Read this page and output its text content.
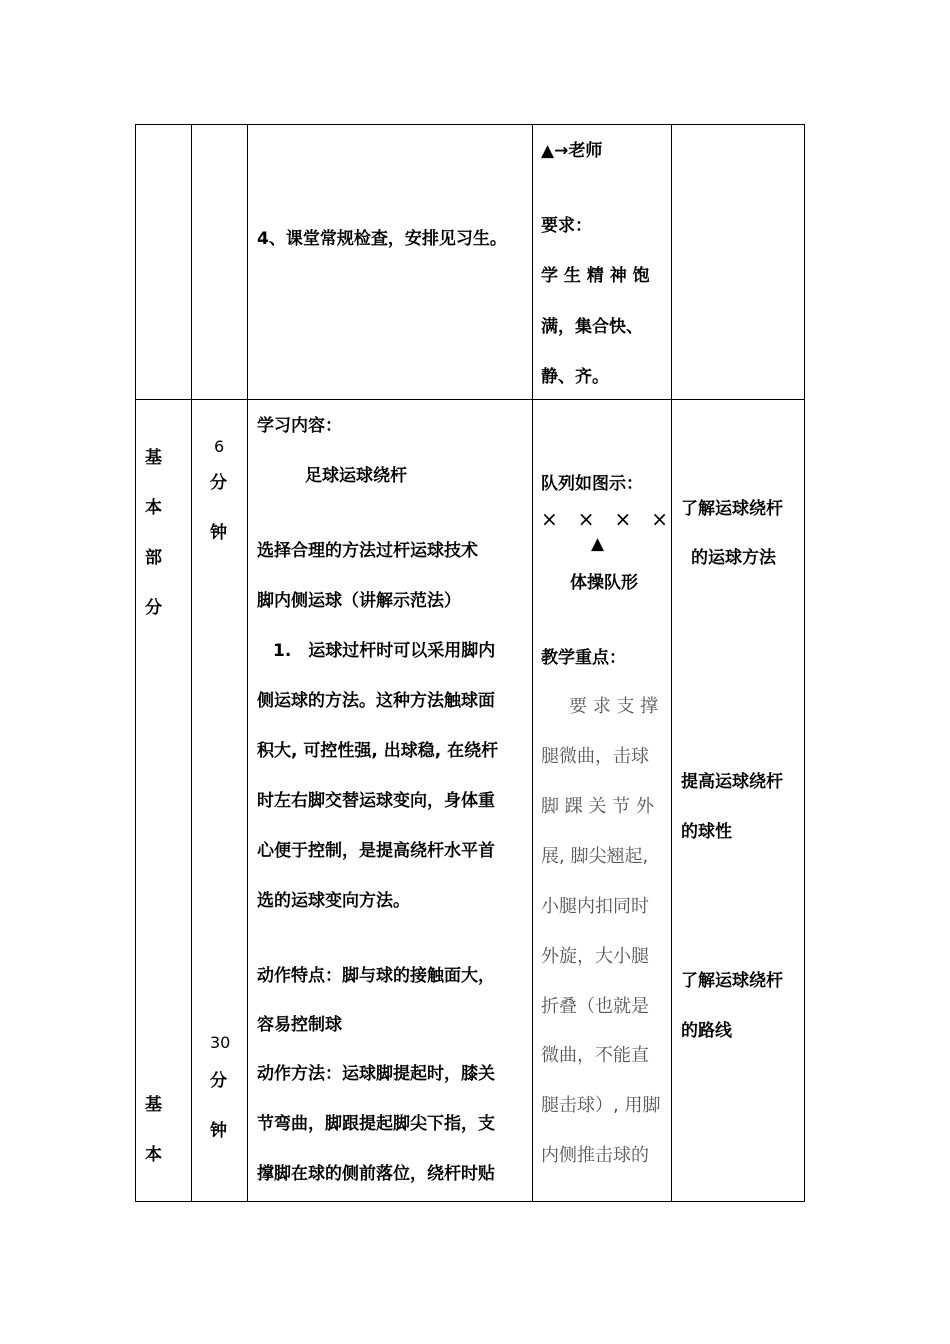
4、课堂常规检查，安排见习生。
▲→老师
要求：
学 生 精 神 饱
满，集合快、
静、齐。
基
本
部
分
基
本
6
分
钟
30
分
钟
学习内容：
足球运球绕杆
选择合理的方法过杆运球技术
脚内侧运球（讲解示范法）
1.　运球过杆时可以采用脚内
侧运球的方法。这种方法触球面
积大, 可控性强, 出球稳, 在绕杆
时左右脚交替运球变向，身体重
心便于控制，是提高绕杆水平首
选的运球变向方法。
动作特点：脚与球的接触面大，
容易控制球
动作方法：运球脚提起时，膝关
节弯曲，脚跟提起脚尖下指，支
撑脚在球的侧前落位，绕杆时贴
队列如图示：
×　×　×　×
▲
体操队形
教学重点：
要 求 支 撑
腿微曲，击球
脚 踝 关 节 外
展, 脚尖翘起,
小腿内扣同时
外旋，大小腿
折叠（也就是
微曲，不能直
腿击球）, 用脚
内侧推击球的
了解运球绕杆
的运球方法
提高运球绕杆
的球性
了解运球绕杆
的路线
